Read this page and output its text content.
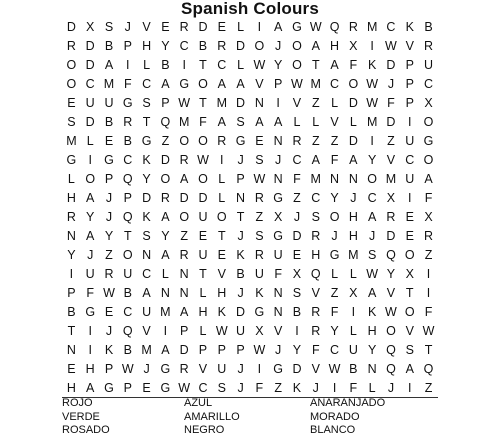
Spanish Colours
D X S J V E R D E L	I	A G W Q R M C K B
R D B P H Y C B R D O J O A H X	I W V R
O D A	I	L B	I	T C L W Y O T A F K D P U
O C M F C A G O A A V P W M C O W J P C
E U U G S P W T M D N	I	V Z L D W F P X
S D B R T Q M F A S A A L L V L M D	I O
M L E B G Z O O R G E N R Z Z D	I	Z U G
G I G C K D R W I	J S J C A F A Y V C O
L O P Q Y O A O L P W N F M N N O M U A
H A J P D R D D L N R G Z C Y J C X	I	F
R Y J Q K A O U O T Z X J S O H A R E X
N A Y T S Y Z E T J S G D R J H J D E R
Y J Z O N A R U E K R U E H G M S Q O Z
I	U R U C L N T V B U F X Q L L W Y X	I
P F W B A N N L H J K N S V Z X A V T	I
B G E C U M A H K D G N B R F	I	K W O F
T	I	J Q V	I	P L W U X V	I	R Y L H O V W
N	I	K B M A D P P P W J Y F C U Y Q S T
E H P W J G R V U J	I G D V W B N Q A Q
H A G P E G W C S J F Z K J	I	F L J	I	Z
ROJO	AZUL	ANARANJADO
VERDE	AMARILLO	MORADO
ROSADO	NEGRO	BLANCO
